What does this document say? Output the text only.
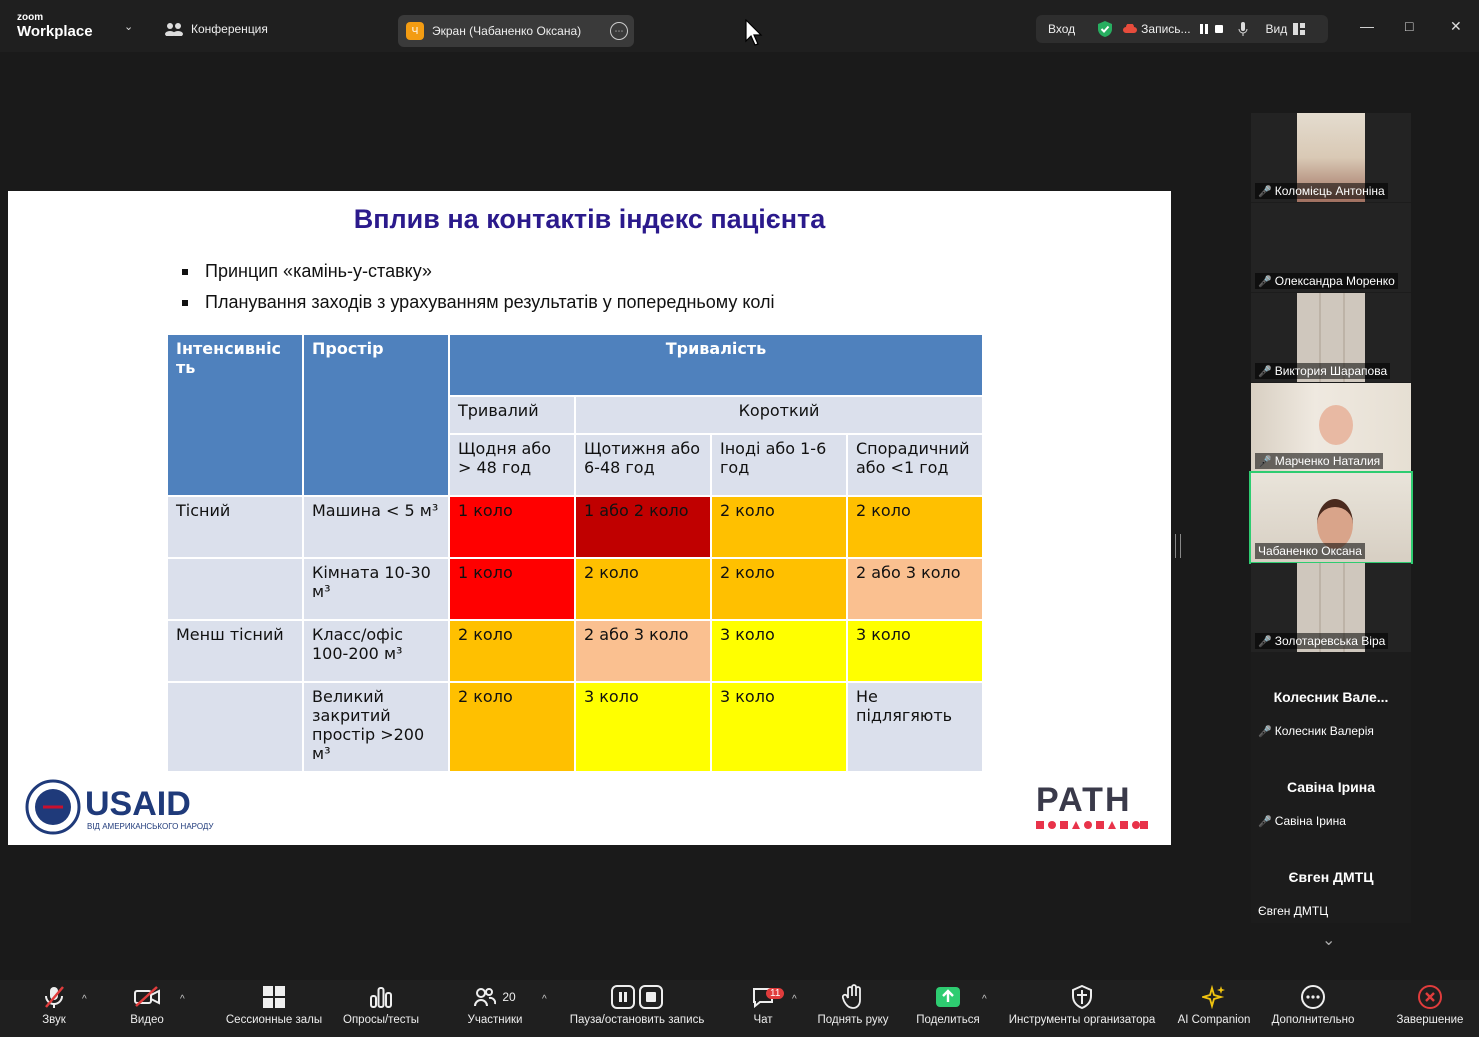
zoom
Workplace	⌄	Конференция	Ч	Экран (Чабаненко Оксана)	⋯	Вход	Запись...	Вид	— □	✕
Вплив на контактів індекс пацієнта
Принцип «камінь-у-ставку»
Планування заходів з урахуванням результатів у попередньому колі
Інтенсивніс ть	Простір	Тривалість			
		Тривалий	Короткий		
		Щодня або > 48 год	Щотижня або 6-48 год	Іноді або 1-6 год	Спорадичний або <1 год
Тісний	Машина < 5 м³	1 коло	1 або 2 коло	2 коло	2 коло
	Кімната 10-30 м³	1 коло	2 коло	2 коло	2 або 3 коло
Менш тісний	Класс/офіс 100-200 м³	2 коло	2 або 3 коло	3 коло	3 коло
	Великий закритий простір >200 м³	2 коло	3 коло	3 коло	Не підлягяють
USAID
ВІД АМЕРИКАНСЬКОГО НАРОДУ
PATH
🎤 Коломієць Антоніна
🎤 Олександра Моренко
🎤 Виктория Шарапова
🎤 Марченко Наталия
Чабаненко Оксана
🎤 Золотаревська Віра
Колесник Вале...
🎤 Колесник Валерія
Савіна Ірина
🎤 Савіна Ірина
Євген ДМТЦ
Євген ДМТЦ
⌄
Звук
^
Видео
^
Сессионные залы	Опросы/тесты
20
Участники
^
Пауза/остановить запись
11
Чат
^
Поднять руку	Поделиться
^
Инструменты организатора	AI Companion	Дополнительно	Завершение
